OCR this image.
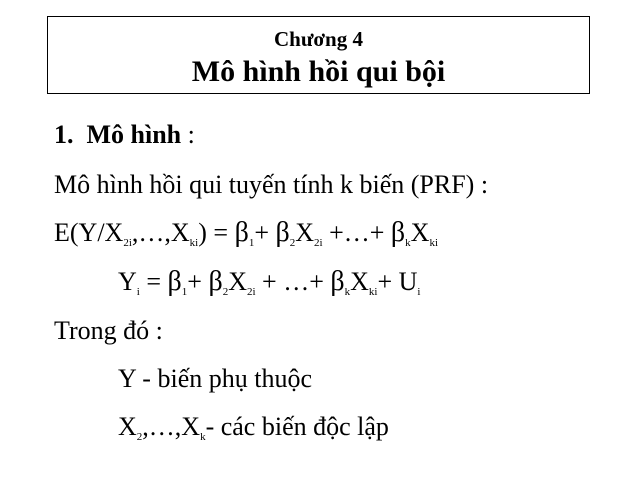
Chương 4
Mô hình hồi qui bội
1. Mô hình :
Mô hình hồi qui tuyến tính k biến (PRF) :
$E(Y/X_{2i},\dots,X_{ki}) = \beta_1+ \beta_2X_{2i}$ +…+ $\beta_kX_{ki}$
$Y_i = \beta_1+ \beta_2X_{2i}$ + …+ $\beta_kX_{ki}+ U_i$
Trong đó :
Y - biến phụ thuộc
$X_2,\dots,X_k-$ các biến độc lập
